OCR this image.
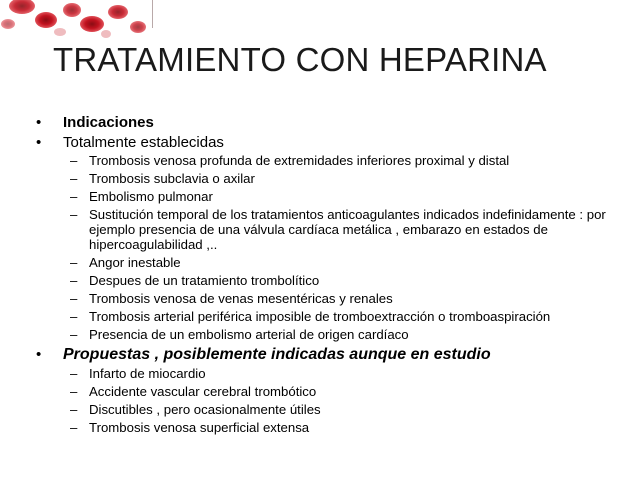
TRATAMIENTO CON HEPARINA
• Indicaciones
• Totalmente establecidas
– Trombosis venosa profunda de extremidades inferiores proximal y distal
– Trombosis subclavia o axilar
– Embolismo pulmonar
– Sustitución temporal de los tratamientos anticoagulantes indicados indefinidamente : por ejemplo presencia de una válvula cardíaca metálica , embarazo en estados de hipercoagulabilidad ,..
– Angor inestable
– Despues de un tratamiento trombolítico
– Trombosis venosa de venas mesentéricas y renales
– Trombosis arterial periférica imposible de tromboextracción o tromboaspiración
– Presencia de un embolismo arterial de origen cardíaco
• Propuestas , posiblemente indicadas aunque en estudio
– Infarto de miocardio
– Accidente vascular cerebral trombótico
– Discutibles , pero ocasionalmente útiles
– Trombosis venosa superficial extensa
